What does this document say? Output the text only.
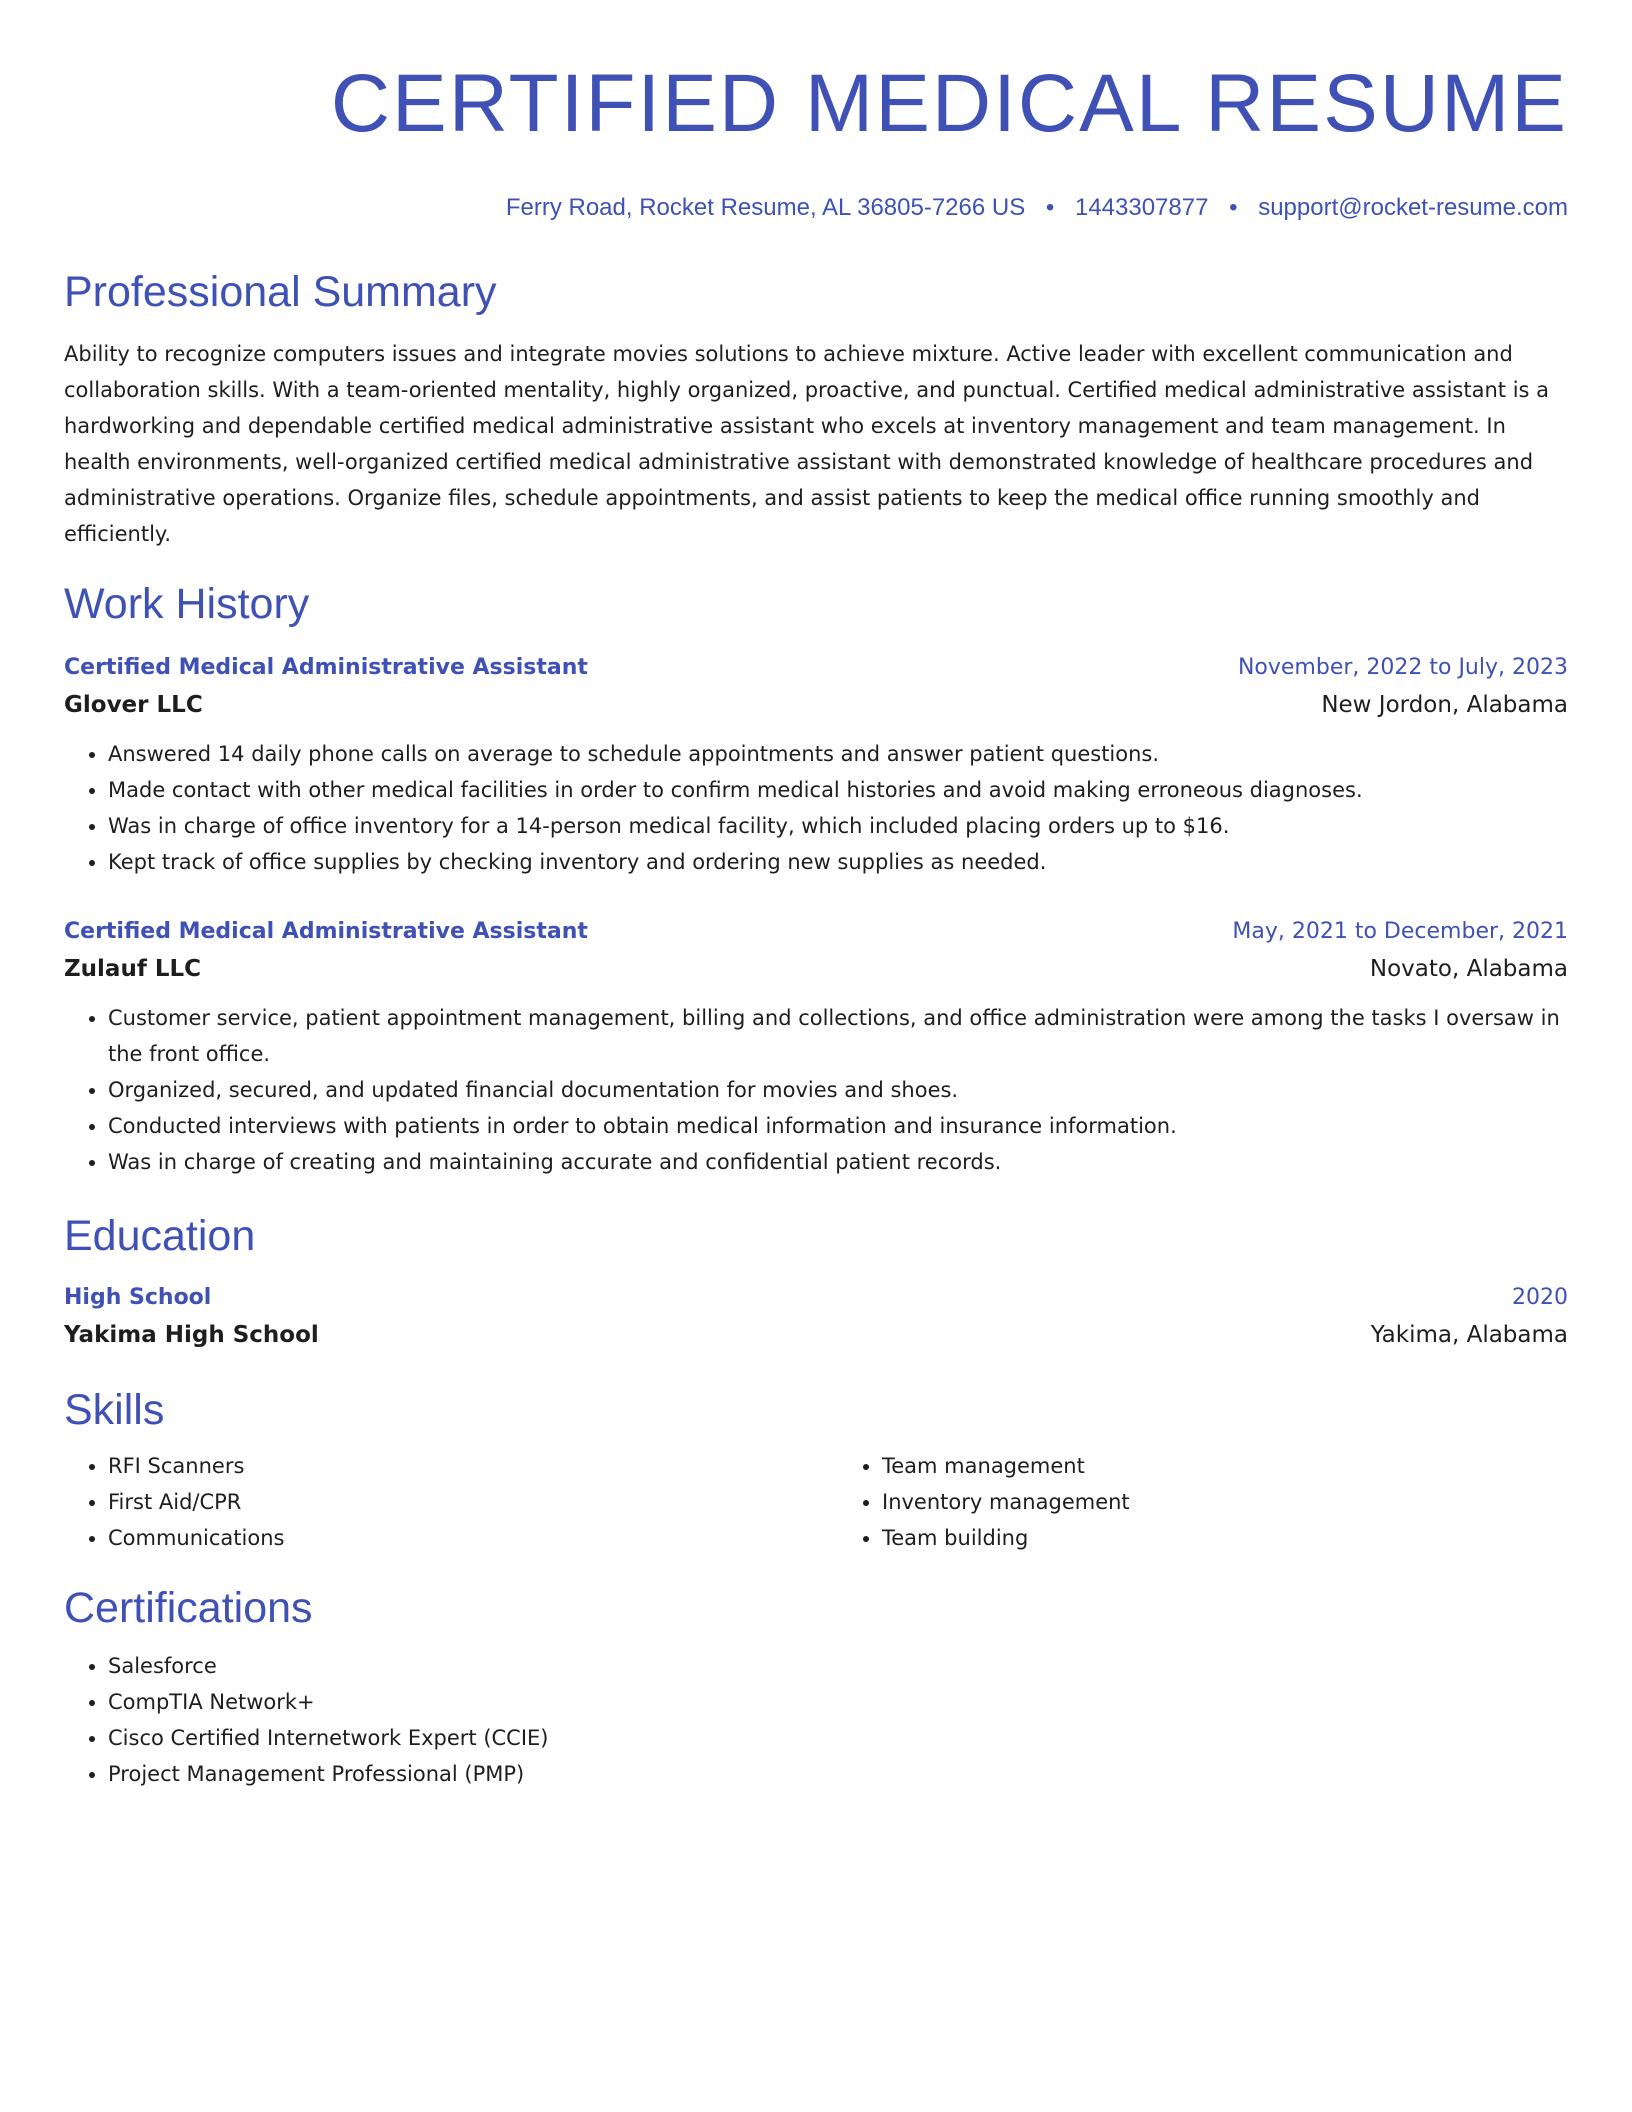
CERTIFIED MEDICAL RESUME
Ferry Road, Rocket Resume, AL 36805-7266 US • 1443307877 • support@rocket-resume.com
Professional Summary
Ability to recognize computers issues and integrate movies solutions to achieve mixture. Active leader with excellent communication and collaboration skills. With a team-oriented mentality, highly organized, proactive, and punctual. Certified medical administrative assistant is a hardworking and dependable certified medical administrative assistant who excels at inventory management and team management. In health environments, well-organized certified medical administrative assistant with demonstrated knowledge of healthcare procedures and administrative operations. Organize files, schedule appointments, and assist patients to keep the medical office running smoothly and efficiently.
Work History
Certified Medical Administrative Assistant	November, 2022 to July, 2023
Glover LLC	New Jordon, Alabama
• Answered 14 daily phone calls on average to schedule appointments and answer patient questions.
• Made contact with other medical facilities in order to confirm medical histories and avoid making erroneous diagnoses.
• Was in charge of office inventory for a 14-person medical facility, which included placing orders up to $16.
• Kept track of office supplies by checking inventory and ordering new supplies as needed.
Certified Medical Administrative Assistant	May, 2021 to December, 2021
Zulauf LLC	Novato, Alabama
• Customer service, patient appointment management, billing and collections, and office administration were among the tasks I oversaw in the front office.
• Organized, secured, and updated financial documentation for movies and shoes.
• Conducted interviews with patients in order to obtain medical information and insurance information.
• Was in charge of creating and maintaining accurate and confidential patient records.
Education
High School	2020
Yakima High School	Yakima, Alabama
Skills
• RFI Scanners
• First Aid/CPR
• Communications
• Team management
• Inventory management
• Team building
Certifications
• Salesforce
• CompTIA Network+
• Cisco Certified Internetwork Expert (CCIE)
• Project Management Professional (PMP)
